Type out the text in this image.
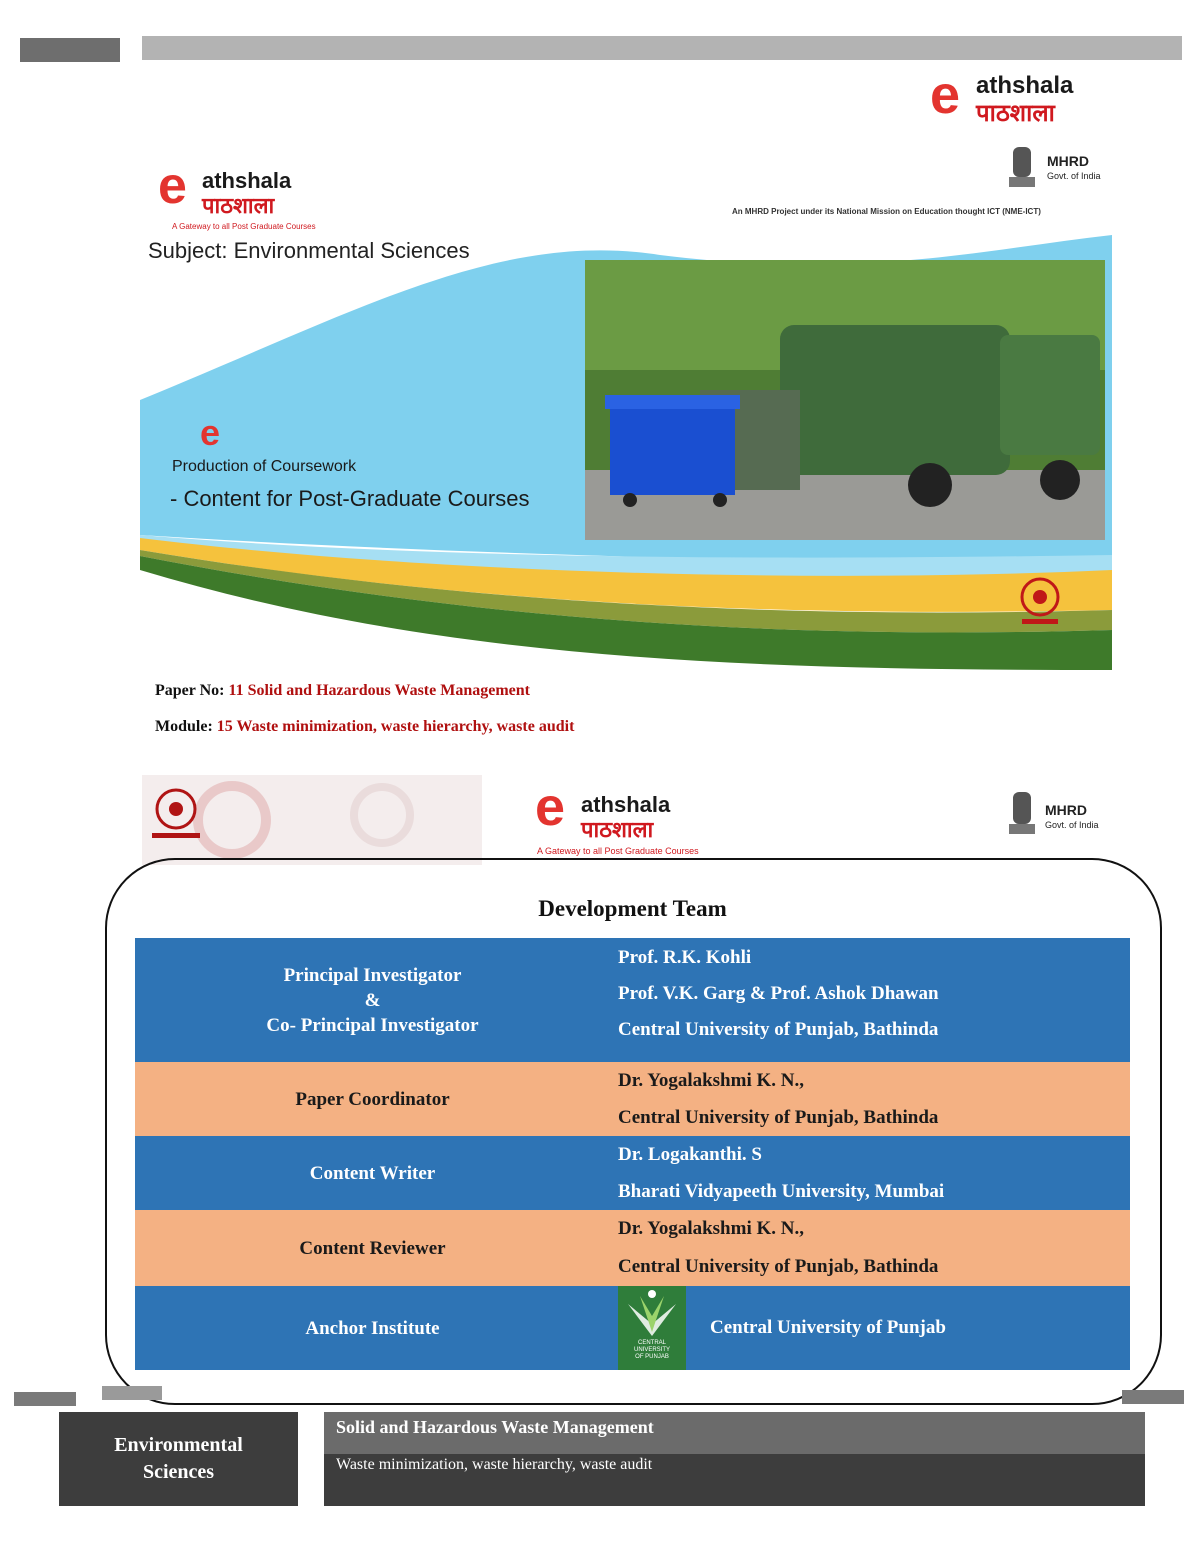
e athshala
पाठशाला
e athshala
पाठशाला
A Gateway to all Post Graduate Courses
Subject: Environmental Sciences
MHRD
Govt. of India
An MHRD Project under its National Mission on Education thought ICT (NME-ICT)
e
Production of Coursework
- Content for Post-Graduate Courses
Paper No: 11 Solid and Hazardous Waste Management
Module: 15 Waste minimization, waste hierarchy, waste audit
e athshala
पाठशाला
A Gateway to all Post Graduate Courses
MHRD
Govt. of India
Development Team
Principal Investigator
&
Co- Principal Investigator
Prof. R.K. Kohli
Prof. V.K. Garg & Prof. Ashok Dhawan
Central University of Punjab, Bathinda
Paper Coordinator
Dr. Yogalakshmi K. N.,
Central University of Punjab, Bathinda
Content Writer
Dr. Logakanthi. S
Bharati Vidyapeeth University, Mumbai
Content Reviewer
Dr. Yogalakshmi K. N.,
Central University of Punjab, Bathinda
Anchor Institute
CENTRAL
UNIVERSITY
OF PUNJAB
Central University of Punjab
Environmental
Sciences
Solid and Hazardous Waste Management
Waste minimization, waste hierarchy, waste audit
